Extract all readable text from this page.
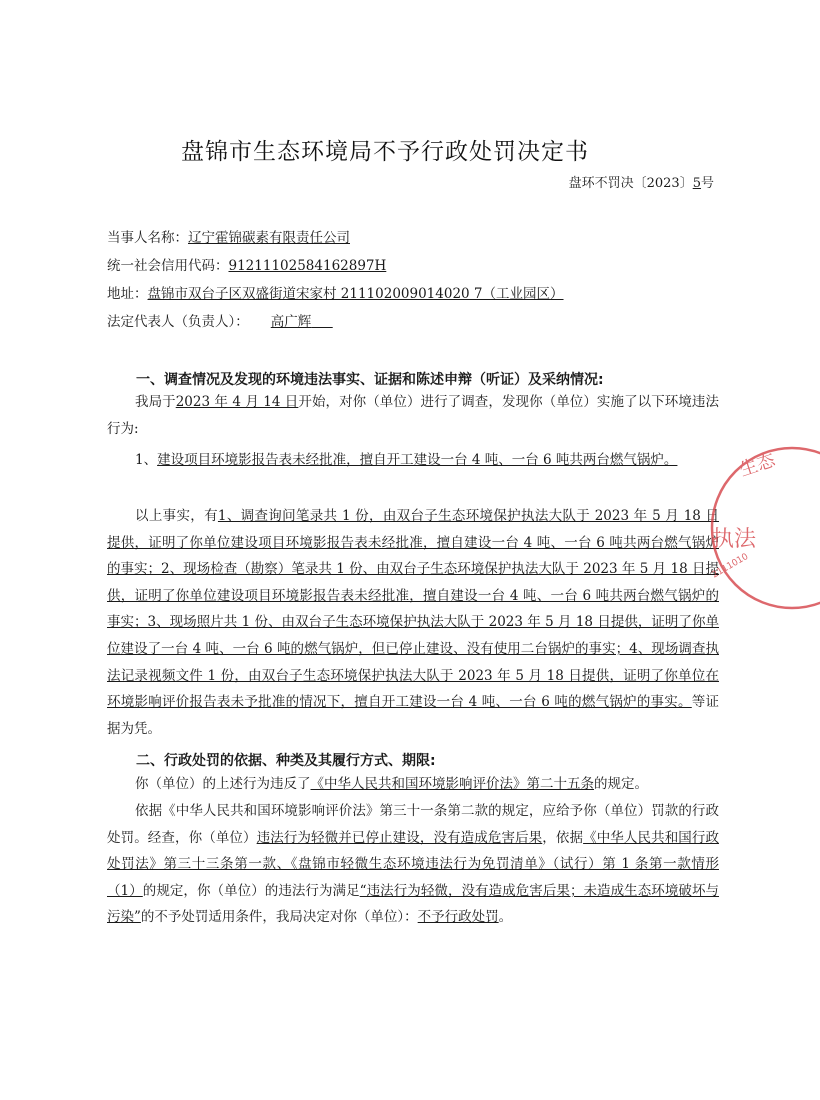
盘锦市生态环境局不予行政处罚决定书
盘环不罚决〔2023〕5号
当事人名称：辽宁霍锦碳素有限责任公司
统一社会信用代码：91211102584162897H
地址：盘锦市双台子区双盛街道宋家村 211102009014020 7（工业园区）
法定代表人（负责人）： 高广辉
一、调查情况及发现的环境违法事实、证据和陈述申辩（听证）及采纳情况:
我局于2023 年 4 月 14 日开始，对你（单位）进行了调查，发现你（单位）实施了以下环境违法行为:
1、建设项目环境影报告表未经批准，擅自开工建设一台 4 吨、一台 6 吨共两台燃气锅炉。
以上事实，有1、调查询问笔录共 1 份，由双台子生态环境保护执法大队于 2023 年 5 月 18 日提供，证明了你单位建设项目环境影报告表未经批准，擅自建设一台 4 吨、一台 6 吨共两台燃气锅炉的事实；2、现场检查（勘察）笔录共 1 份、由双台子生态环境保护执法大队于 2023 年 5 月 18 日提供，证明了你单位建设项目环境影报告表未经批准，擅自建设一台 4 吨、一台 6 吨共两台燃气锅炉的事实；3、现场照片共 1 份、由双台子生态环境保护执法大队于 2023 年 5 月 18 日提供，证明了你单位建设了一台 4 吨、一台 6 吨的燃气锅炉，但已停止建设、没有使用二台锅炉的事实；4、现场调查执法记录视频文件 1 份，由双台子生态环境保护执法大队于 2023 年 5 月 18 日提供，证明了你单位在环境影响评价报告表未予批准的情况下，擅自开工建设一台 4 吨、一台 6 吨的燃气锅炉的事实。等证据为凭。
二、行政处罚的依据、种类及其履行方式、期限:
你（单位）的上述行为违反了《中华人民共和国环境影响评价法》第二十五条的规定。
依据《中华人民共和国环境影响评价法》第三十一条第二款的规定，应给予你（单位）罚款的行政处罚。经查，你（单位）违法行为轻微并已停止建设，没有造成危害后果，依据《中华人民共和国行政处罚法》第三十三条第一款、《盘锦市轻微生态环境违法行为免罚清单》（试行）第 1 条第一款情形（1）的规定，你（单位）的违法行为满足“违法行为轻微，没有造成危害后果；未造成生态环境破坏与污染”的不予处罚适用条件，我局决定对你（单位）：不予行政处罚。
生态
执法
2111010
